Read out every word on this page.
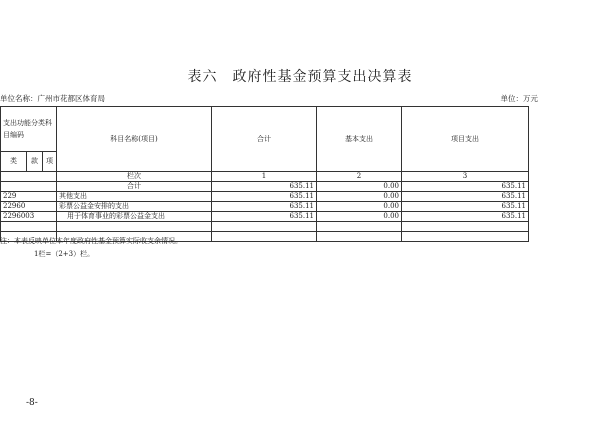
表六　政府性基金预算支出决算表
单位名称：广州市花都区体育局	单位：万元
支出功能分类科目编码			科目名称(项目)	合计	基本支出	项目支出
类	款	项				
			栏次	1	2	3
			合计	635.11	0.00	635.11
229			其他支出	635.11	0.00	635.11
22960			彩票公益金安排的支出	635.11	0.00	635.11
2296003			用于体育事业的彩票公益金支出	635.11	0.00	635.11

注：本表反映单位本年度政府性基金预算实际收支余情况。
1栏=（2+3）栏。
-8-
